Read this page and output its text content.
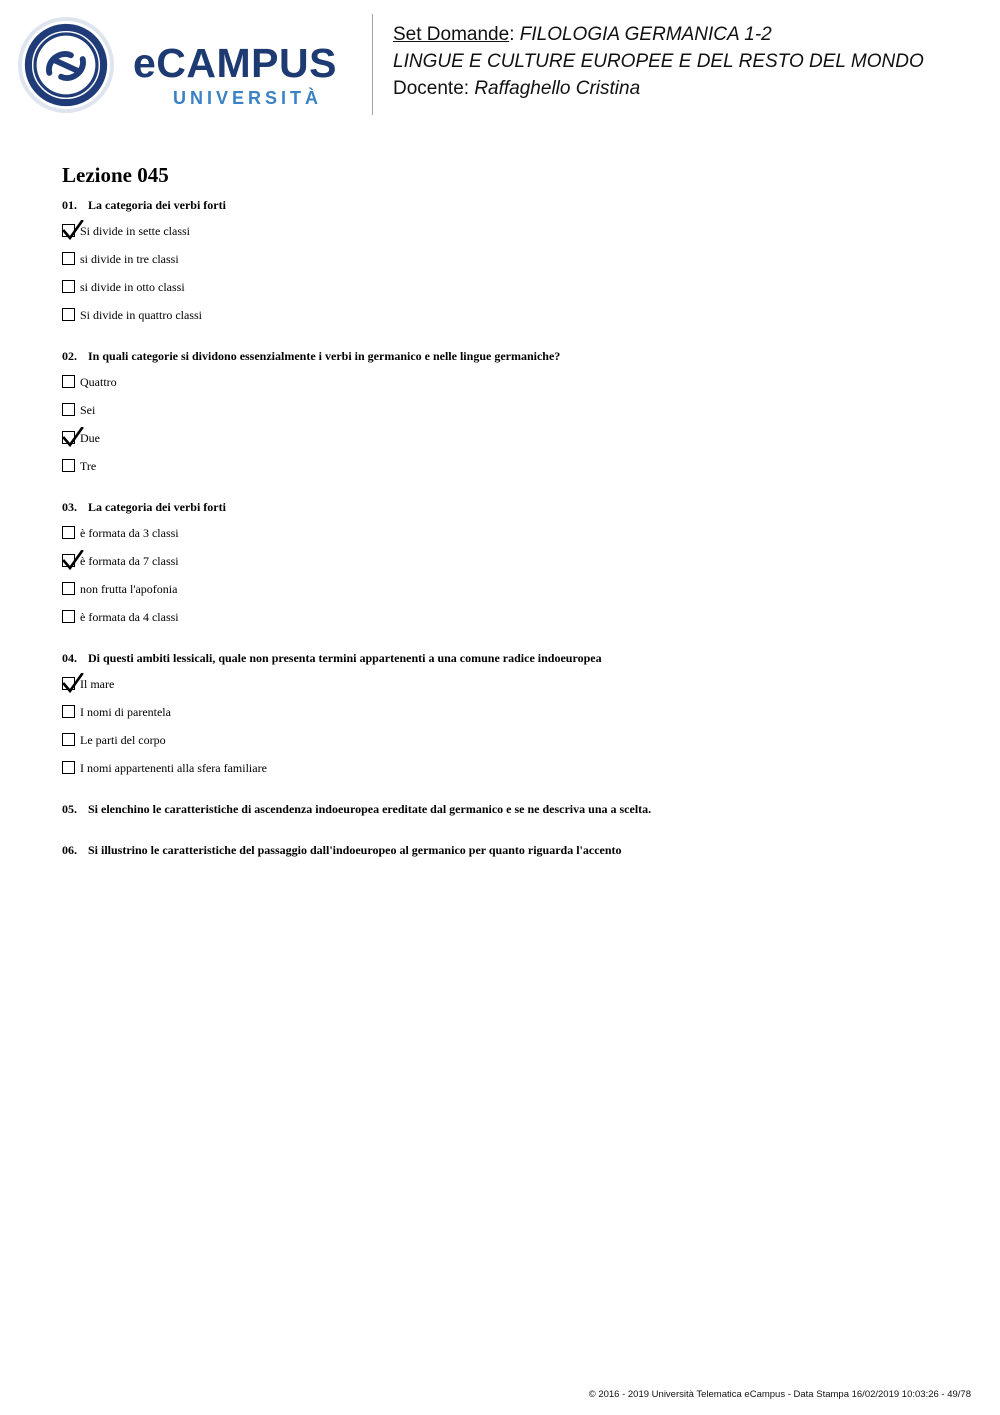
eCAMPUS
UNIVERSITÀ
Set Domande: FILOLOGIA GERMANICA 1-2
LINGUE E CULTURE EUROPEE E DEL RESTO DEL MONDO
Docente: Raffaghello Cristina
Lezione 045
01. La categoria dei verbi forti
Si divide in sette classi
si divide in tre classi
si divide in otto classi
Si divide in quattro classi
02. In quali categorie si dividono essenzialmente i verbi in germanico e nelle lingue germaniche?
Quattro
Sei
Due
Tre
03. La categoria dei verbi forti
è formata da 3 classi
è formata da 7 classi
non frutta l'apofonia
è formata da 4 classi
04. Di questi ambiti lessicali, quale non presenta termini appartenenti a una comune radice indoeuropea
Il mare
I nomi di parentela
Le parti del corpo
I nomi appartenenti alla sfera familiare
05. Si elenchino le caratteristiche di ascendenza indoeuropea ereditate dal germanico e se ne descriva una a scelta.
06. Si illustrino le caratteristiche del passaggio dall'indoeuropeo al germanico per quanto riguarda l'accento
© 2016 - 2019 Università Telematica eCampus - Data Stampa 16/02/2019 10:03:26 - 49/78
